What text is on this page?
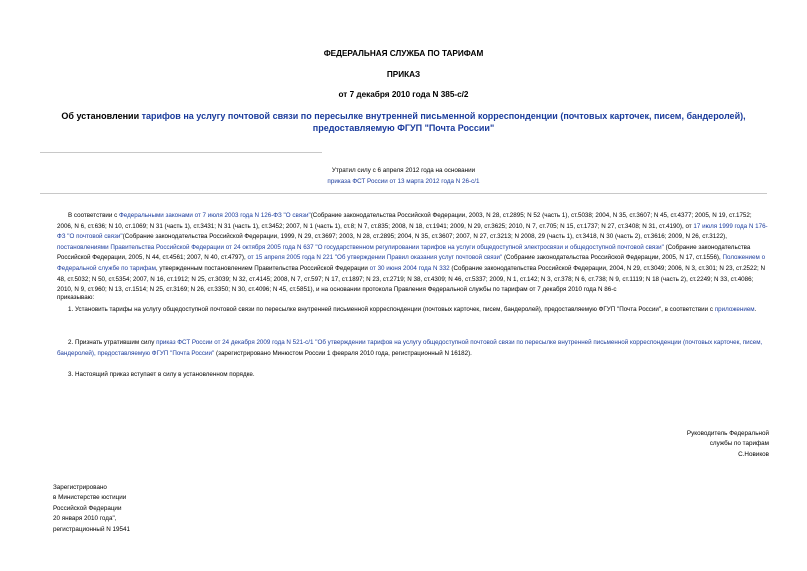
ФЕДЕРАЛЬНАЯ СЛУЖБА ПО ТАРИФАМ
ПРИКАЗ
от 7 декабря 2010 года N 385-с/2
Об установлении тарифов на услугу почтовой связи по пересылке внутренней письменной корреспонденции (почтовых карточек, писем, бандеролей), предоставляемую ФГУП "Почта России"
Утратил силу с 6 апреля 2012 года на основании
приказа ФСТ России от 13 марта 2012 года N 26-с/1
В соответствии с Федеральными законами от 7 июля 2003 года N 126-ФЗ "О связи"(Собрание законодательства Российской Федерации, 2003, N 28, ст.2895; N 52 (часть 1), ст.5038; 2004, N 35, ст.3607; N 45, ст.4377; 2005, N 19, ст.1752; 2006, N 6, ст.636; N 10, ст.1069; N 31 (часть 1), ст.3431; N 31 (часть 1), ст.3452; 2007, N 1 (часть 1), ст.8; N 7, ст.835; 2008, N 18, ст.1941; 2009, N 29, ст.3625; 2010, N 7, ст.705; N 15, ст.1737; N 27, ст.3408; N 31, ст.4190), от 17 июля 1999 года N 176-ФЗ "О почтовой связи"(Собрание законодательства Российской Федерации, 1999, N 29, ст.3697; 2003, N 28, ст.2895; 2004, N 35, ст.3607; 2007, N 27, ст.3213; N 2008, 29 (часть 1), ст.3418, N 30 (часть 2), ст.3616; 2009, N 26, ст.3122), постановлениями Правительства Российской Федерации от 24 октября 2005 года N 637 "О государственном регулировании тарифов на услуги общедоступной электросвязи и общедоступной почтовой связи" (Собрание законодательства Российской Федерации, 2005, N 44, ст.4561; 2007, N 40, ст.4797), от 15 апреля 2005 года N 221 "Об утверждении Правил оказания услуг почтовой связи" (Собрание законодательства Российской Федерации, 2005, N 17, ст.1556), Положением о Федеральной службе по тарифам, утвержденным постановлением Правительства Российской Федерации от 30 июня 2004 года N 332 (Собрание законодательства Российской Федерации, 2004, N 29, ст.3049; 2006, N 3, ст.301; N 23, ст.2522; N 48, ст.5032; N 50, ст.5354; 2007, N 16, ст.1912; N 25, ст.3039; N 32, ст.4145; 2008, N 7, ст.597; N 17, ст.1897; N 23, ст.2719; N 38, ст.4309; N 46, ст.5337; 2009, N 1, ст.142; N 3, ст.378; N 6, ст.738; N 9, ст.1119; N 18 (часть 2), ст.2249; N 33, ст.4086; 2010, N 9, ст.960; N 13, ст.1514; N 25, ст.3169; N 26, ст.3350; N 30, ст.4096; N 45, ст.5851), и на основании протокола Правления Федеральной службы по тарифам от 7 декабря 2010 года N 86-с
приказываю:
1. Установить тарифы на услугу общедоступной почтовой связи по пересылке внутренней письменной корреспонденции (почтовых карточек, писем, бандеролей), предоставляемую ФГУП "Почта России", в соответствии с приложением.
2. Признать утратившим силу приказ ФСТ России от 24 декабря 2009 года N 521-с/1 "Об утверждении тарифов на услугу общедоступной почтовой связи по пересылке внутренней письменной корреспонденции (почтовых карточек, писем, бандеролей), предоставляемую ФГУП "Почта России" (зарегистрировано Минюстом России 1 февраля 2010 года, регистрационный N 16182).
3. Настоящий приказ вступает в силу в установленном порядке.
Руководитель Федеральной
службы по тарифам
С.Новиков
Зарегистрировано
в Министерстве юстиции
Российской Федерации
20 января 2010 года",
регистрационный N 19541
